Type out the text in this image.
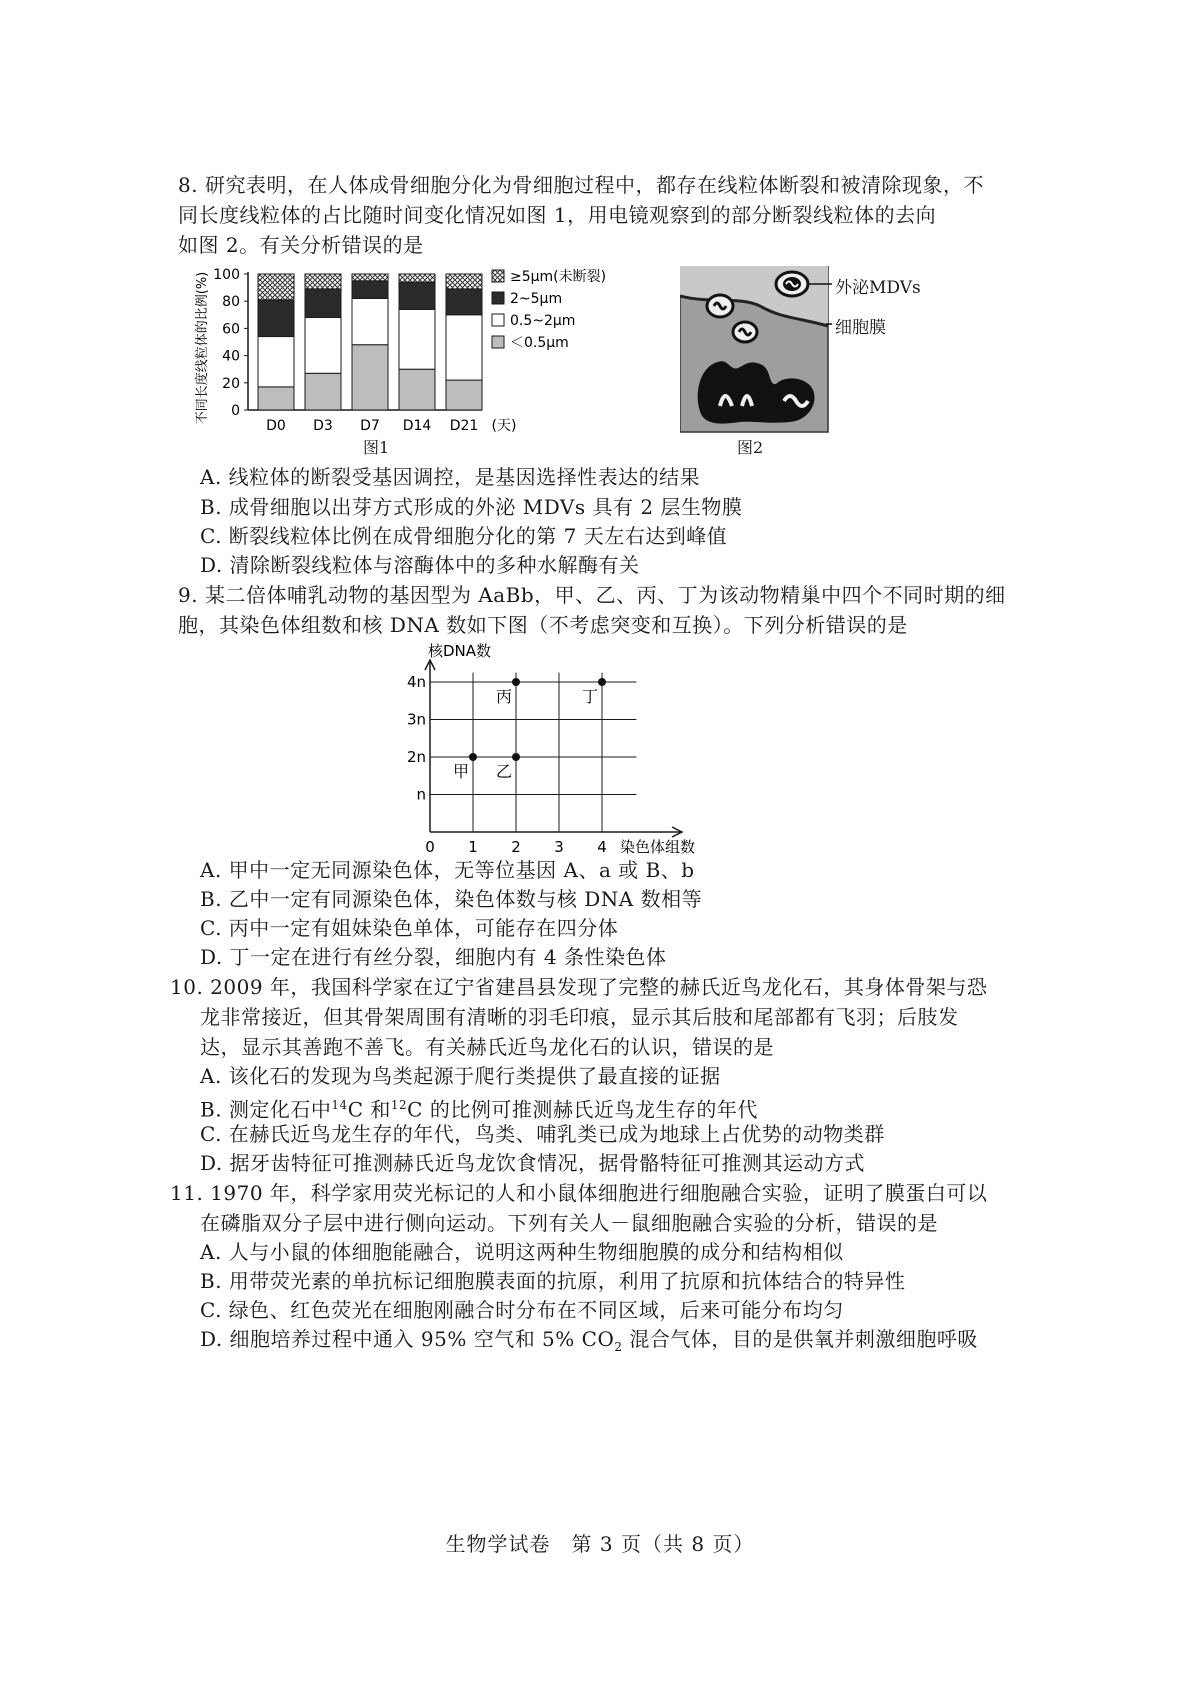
8. 研究表明，在人体成骨细胞分化为骨细胞过程中，都存在线粒体断裂和被清除现象，不
同长度线粒体的占比随时间变化情况如图 1，用电镜观察到的部分断裂线粒体的去向
如图 2。有关分析错误的是
不同长度线粒体的比例(%) 0
20
40
60
80
100
D0 D3 D7 D14 D21 (天)
≥5μm(未断裂)
2~5μm
0.5~2μm
＜0.5μm
图1
外泌MDVs
细胞膜
图2
A. 线粒体的断裂受基因调控，是基因选择性表达的结果
B. 成骨细胞以出芽方式形成的外泌 MDVs 具有 2 层生物膜
C. 断裂线粒体比例在成骨细胞分化的第 7 天左右达到峰值
D. 清除断裂线粒体与溶酶体中的多种水解酶有关
9. 某二倍体哺乳动物的基因型为 AaBb，甲、乙、丙、丁为该动物精巢中四个不同时期的细
胞，其染色体组数和核 DNA 数如下图（不考虑突变和互换）。下列分析错误的是
核DNA数
0 1 2 3 4
n
2n
3n
4n
甲 乙
丙	丁
染色体组数
A. 甲中一定无同源染色体，无等位基因 A、a 或 B、b
B. 乙中一定有同源染色体，染色体数与核 DNA 数相等
C. 丙中一定有姐妹染色单体，可能存在四分体
D. 丁一定在进行有丝分裂，细胞内有 4 条性染色体
10. 2009 年，我国科学家在辽宁省建昌县发现了完整的赫氏近鸟龙化石，其身体骨架与恐
龙非常接近，但其骨架周围有清晰的羽毛印痕，显示其后肢和尾部都有飞羽；后肢发
达，显示其善跑不善飞。有关赫氏近鸟龙化石的认识，错误的是
A. 该化石的发现为鸟类起源于爬行类提供了最直接的证据
B. 测定化石中$^{14}$C 和$^{12}$C 的比例可推测赫氏近鸟龙生存的年代
C. 在赫氏近鸟龙生存的年代，鸟类、哺乳类已成为地球上占优势的动物类群
D. 据牙齿特征可推测赫氏近鸟龙饮食情况，据骨骼特征可推测其运动方式
11. 1970 年，科学家用荧光标记的人和小鼠体细胞进行细胞融合实验，证明了膜蛋白可以
在磷脂双分子层中进行侧向运动。下列有关人－鼠细胞融合实验的分析，错误的是
A. 人与小鼠的体细胞能融合，说明这两种生物细胞膜的成分和结构相似
B. 用带荧光素的单抗标记细胞膜表面的抗原，利用了抗原和抗体结合的特异性
C. 绿色、红色荧光在细胞刚融合时分布在不同区域，后来可能分布均匀
D. 细胞培养过程中通入 95% 空气和 5% $CO_2$ 混合气体，目的是供氧并刺激细胞呼吸
生物学试卷　第 3 页（共 8 页）
